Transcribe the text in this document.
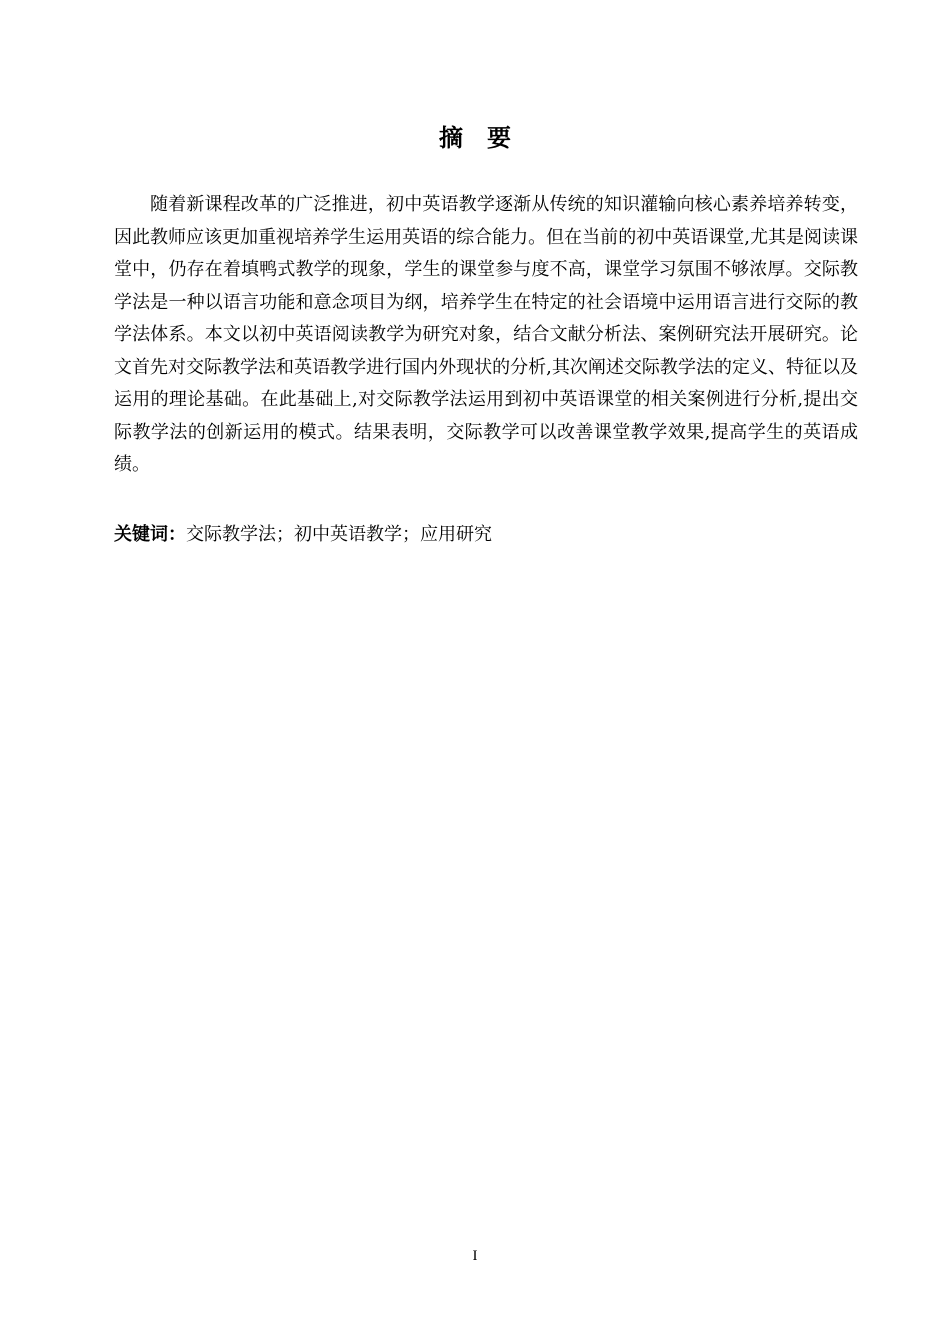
摘　要

随着新课程改革的广泛推进，初中英语教学逐渐从传统的知识灌输向核心素养培养转变，因此教师应该更加重视培养学生运用英语的综合能力。但在当前的初中英语课堂,尤其是阅读课堂中，仍存在着填鸭式教学的现象，学生的课堂参与度不高，课堂学习氛围不够浓厚。交际教学法是一种以语言功能和意念项目为纲，培养学生在特定的社会语境中运用语言进行交际的教学法体系。本文以初中英语阅读教学为研究对象，结合文献分析法、案例研究法开展研究。论文首先对交际教学法和英语教学进行国内外现状的分析,其次阐述交际教学法的定义、特征以及运用的理论基础。在此基础上,对交际教学法运用到初中英语课堂的相关案例进行分析,提出交际教学法的创新运用的模式。结果表明，交际教学可以改善课堂教学效果,提高学生的英语成绩。

关键词：交际教学法；初中英语教学；应用研究

I
